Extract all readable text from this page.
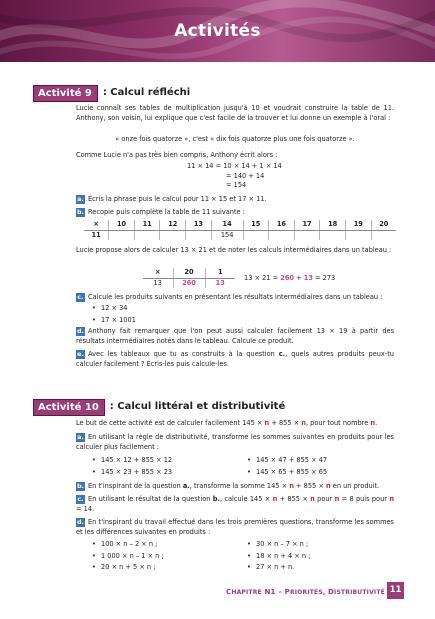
Activités
Activité 9	: Calcul réfléchi
Lucie connaît ses tables de multiplication jusqu'à 10 et voudrait construire la table de 11. Anthony, son voisin, lui explique que c'est facile de la trouver et lui donne un exemple à l'oral :
« onze fois quatorze », c'est « dix fois quatorze plus une fois quatorze ».
Comme Lucie n'a pas très bien compris, Anthony écrit alors :
11 × 14 = 10 × 14 + 1 × 14
= 140 + 14
= 154
a. Écris la phrase puis le calcul pour 11 × 15 et 17 × 11.
b. Recopie puis complète la table de 11 suivante :
×	10	11	12	13	14	15	16	17	18	19	20
11					154						
Lucie propose alors de calculer 13 × 21 et de noter les calculs intermédiaires dans un tableau :
×	20	1
13	260	13
13 × 21 = 260 + 13 = 273
c. Calcule les produits suivants en présentant les résultats intermédiaires dans un tableau :
• 12 × 34
• 17 × 1001
d. Anthony fait remarquer que l'on peut aussi calculer facilement 13 × 19 à partir des résultats intermédiaires notés dans le tableau. Calcule ce produit.
e. Avec les tableaux que tu as construits à la question c., quels autres produits peux-tu calculer facilement ? Écris-les puis calcule-les.
Activité 10	: Calcul littéral et distributivité
Le but de cette activité est de calculer facilement 145 × n + 855 × n, pour tout nombre n.
a. En utilisant la règle de distributivité, transforme les sommes suivantes en produits pour les calculer plus facilement :
• 145 × 12 + 855 × 12
• 145 × 23 + 855 × 23
• 145 × 47 + 855 × 47
• 145 × 65 + 855 × 65
b. En t'inspirant de la question a., transforme la somme 145 × n + 855 × n en un produit.
c. En utilisant le résultat de la question b., calcule 145 × n + 855 × n pour n = 8 puis pour n = 14.
d. En t'inspirant du travail effectué dans les trois premières questions, transforme les sommes et les différences suivantes en produits :
• 100 × n – 2 × n ;
• 1 000 × n – 1 × n ;
• 20 × n + 5 × n ;
• 30 × n – 7 × n ;
• 18 × n + 4 × n ;
• 27 × n + n.
CHAPITRE N1 – PRIORITÉS, DISTRIBUTIVITÉ 11
